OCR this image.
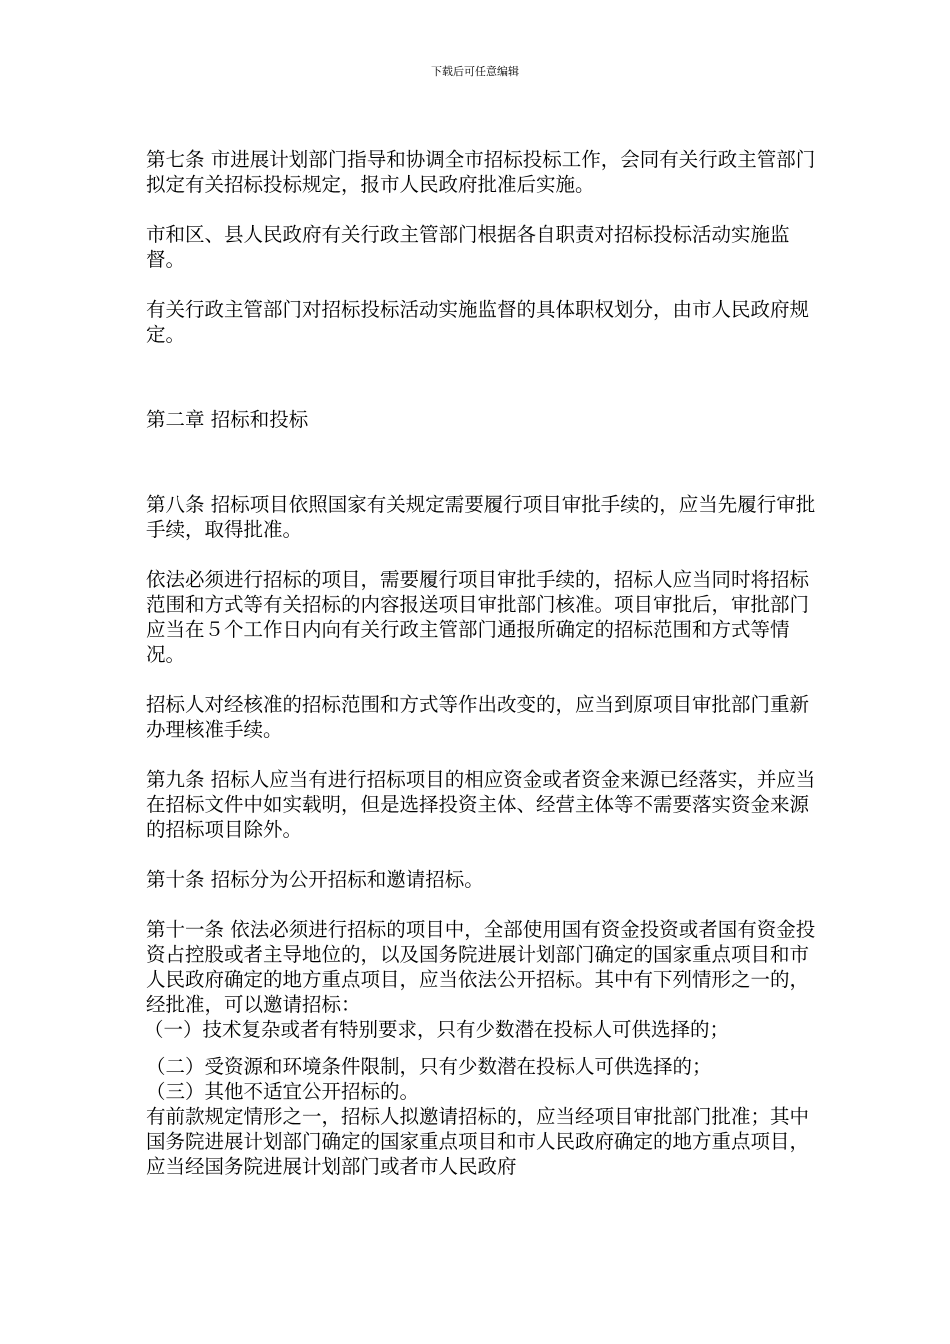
下载后可任意编辑

第七条 市进展计划部门指导和协调全市招标投标工作，会同有关行政主管部门拟定有关招标投标规定，报市人民政府批准后实施。

市和区、县人民政府有关行政主管部门根据各自职责对招标投标活动实施监督。

有关行政主管部门对招标投标活动实施监督的具体职权划分，由市人民政府规定。

第二章 招标和投标

第八条 招标项目依照国家有关规定需要履行项目审批手续的，应当先履行审批手续，取得批准。

依法必须进行招标的项目，需要履行项目审批手续的，招标人应当同时将招标范围和方式等有关招标的内容报送项目审批部门核准。项目审批后，审批部门应当在５个工作日内向有关行政主管部门通报所确定的招标范围和方式等情况。

招标人对经核准的招标范围和方式等作出改变的，应当到原项目审批部门重新办理核准手续。

第九条 招标人应当有进行招标项目的相应资金或者资金来源已经落实，并应当在招标文件中如实载明，但是选择投资主体、经营主体等不需要落实资金来源的招标项目除外。

第十条 招标分为公开招标和邀请招标。

第十一条 依法必须进行招标的项目中，全部使用国有资金投资或者国有资金投资占控股或者主导地位的，以及国务院进展计划部门确定的国家重点项目和市人民政府确定的地方重点项目，应当依法公开招标。其中有下列情形之一的，经批准，可以邀请招标：

（一）技术复杂或者有特别要求，只有少数潜在投标人可供选择的；

（二）受资源和环境条件限制，只有少数潜在投标人可供选择的；

（三）其他不适宜公开招标的。

有前款规定情形之一，招标人拟邀请招标的，应当经项目审批部门批准；其中国务院进展计划部门确定的国家重点项目和市人民政府确定的地方重点项目，应当经国务院进展计划部门或者市人民政府
